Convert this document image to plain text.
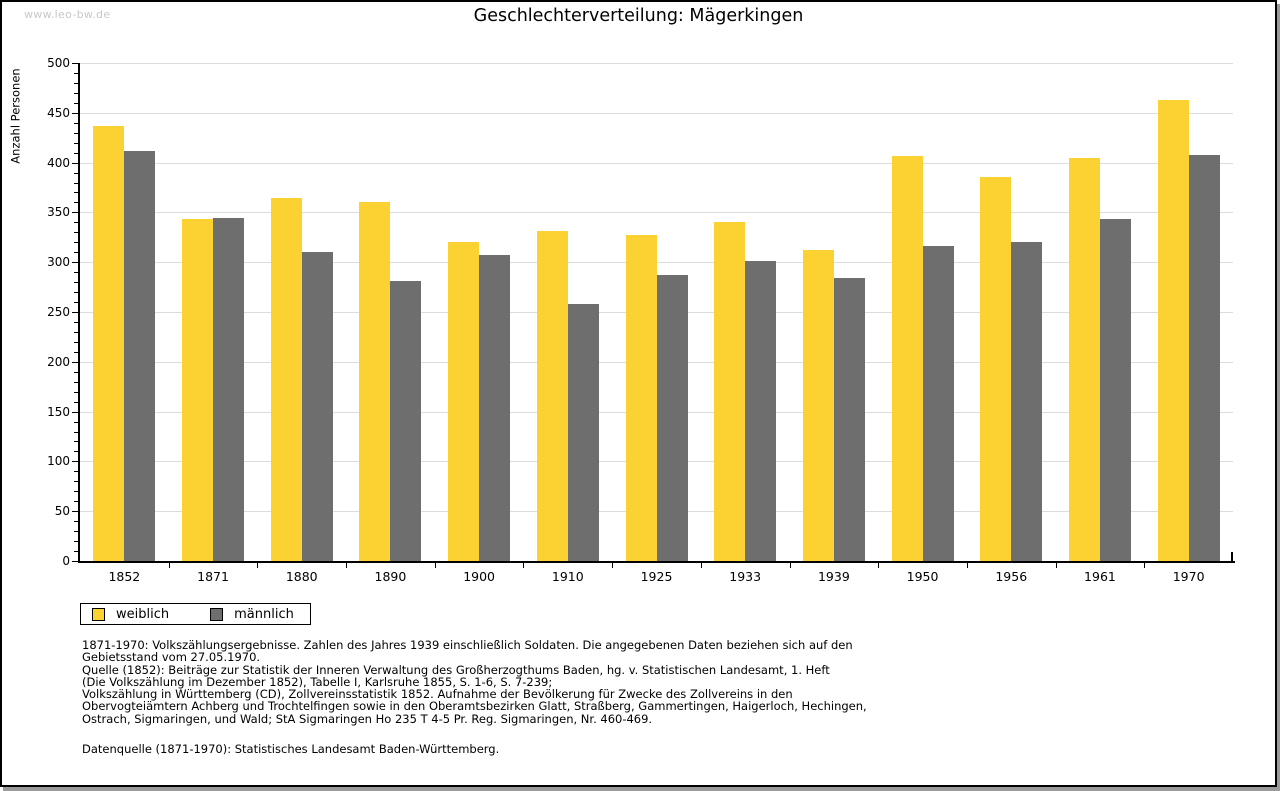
www.leo-bw.de	Geschlechterverteilung: Mägerkingen
Anzahl Personen
0
50
100
150
200
250
300
350
400
450
500
1852	1871	1880	1890	1900	1910	1925	1933	1939	1950	1956	1961	1970
weiblich	männlich
1871-1970: Volkszählungsergebnisse. Zahlen des Jahres 1939 einschließlich Soldaten. Die angegebenen Daten beziehen sich auf den
Gebietsstand vom 27.05.1970.
Quelle (1852): Beiträge zur Statistik der Inneren Verwaltung des Großherzogthums Baden, hg. v. Statistischen Landesamt, 1. Heft
(Die Volkszählung im Dezember 1852), Tabelle I, Karlsruhe 1855, S. 1-6, S. 7-239;
Volkszählung in Württemberg (CD), Zollvereinsstatistik 1852. Aufnahme der Bevölkerung für Zwecke des Zollvereins in den
Obervogteiämtern Achberg und Trochtelfingen sowie in den Oberamtsbezirken Glatt, Straßberg, Gammertingen, Haigerloch, Hechingen,
Ostrach, Sigmaringen, und Wald; StA Sigmaringen Ho 235 T 4-5 Pr. Reg. Sigmaringen, Nr. 460-469.
Datenquelle (1871-1970): Statistisches Landesamt Baden-Württemberg.
